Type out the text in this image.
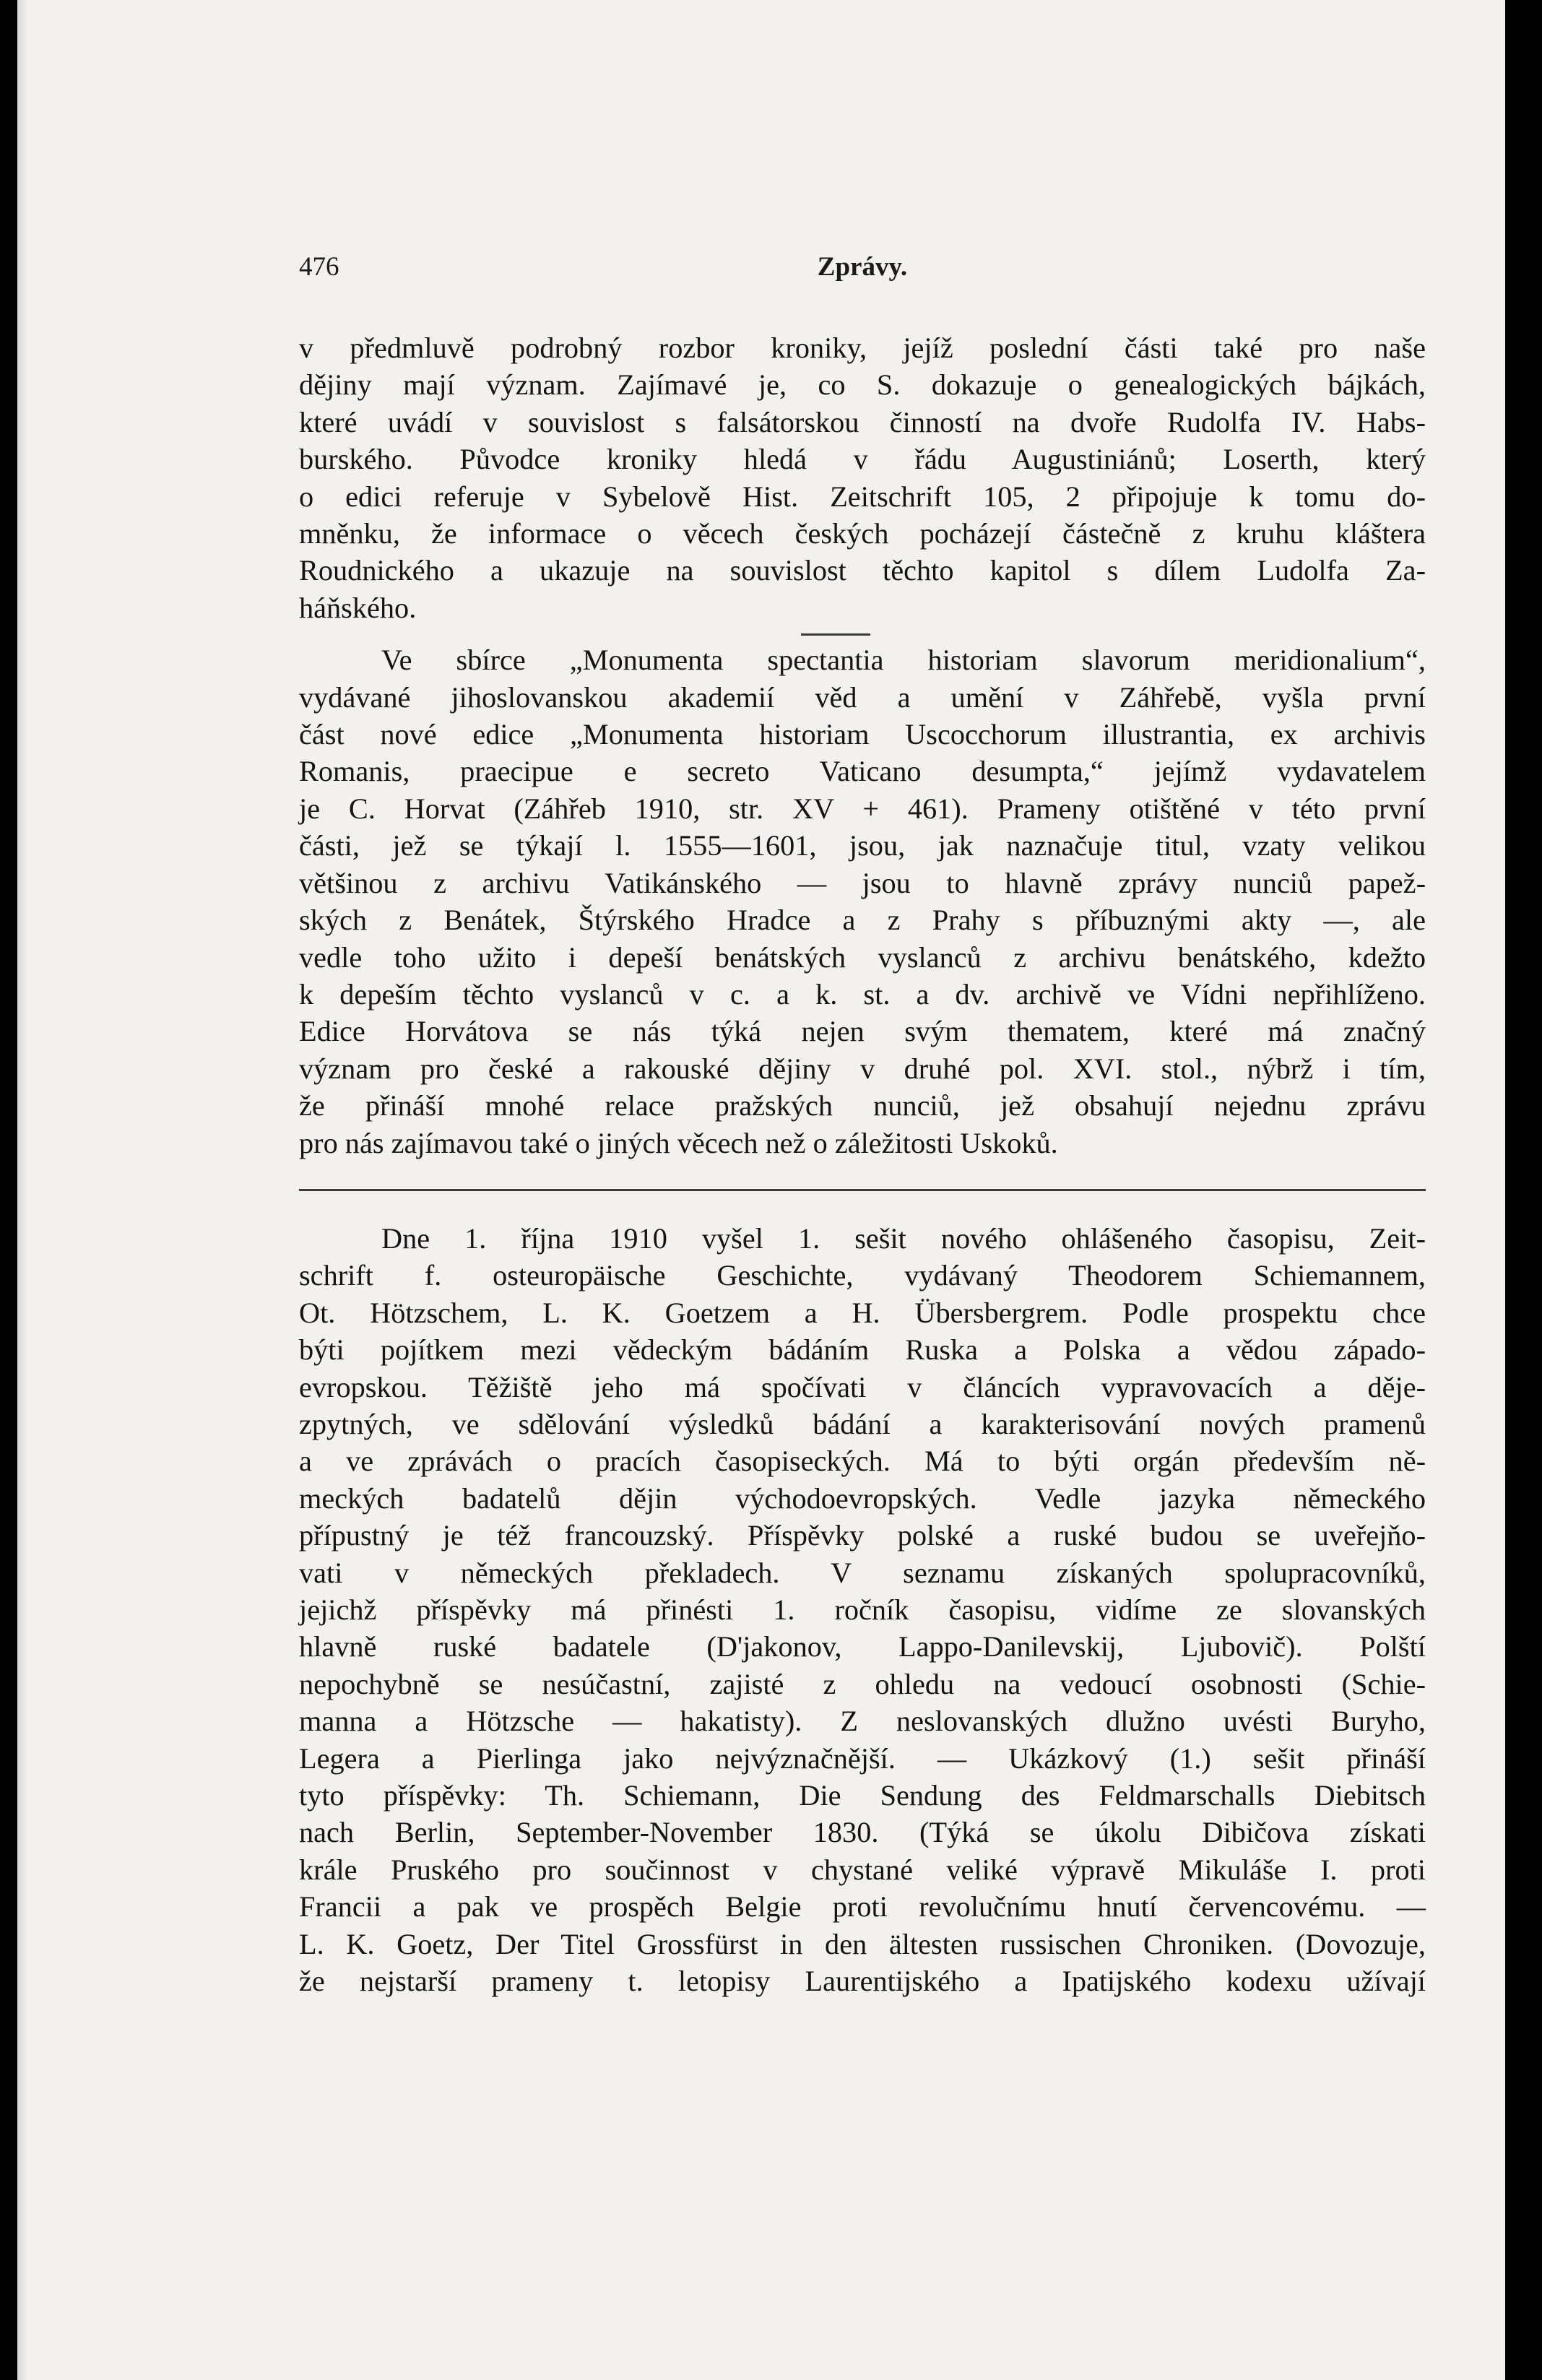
476	Zprávy.

v předmluvě podrobný rozbor kroniky, jejíž poslední části také pro naše
dějiny mají význam. Zajímavé je, co S. dokazuje o genealogických bájkách,
které uvádí v souvislost s falsátorskou činností na dvoře Rudolfa IV. Habs-
burského. Původce kroniky hledá v řádu Augustiniánů; Loserth, který
o edici referuje v Sybelově Hist. Zeitschrift 105, 2 připojuje k tomu do-
mněnku, že informace o věcech českých pocházejí částečně z kruhu kláštera
Roudnického a ukazuje na souvislost těchto kapitol s dílem Ludolfa Za-
háňského.

Ve sbírce „Monumenta spectantia historiam slavorum meridionalium“,
vydávané jihoslovanskou akademií věd a umění v Záhřebě, vyšla první
část nové edice „Monumenta historiam Uscocchorum illustrantia, ex archivis
Romanis, praecipue e secreto Vaticano desumpta,“ jejímž vydavatelem
je C. Horvat (Záhřeb 1910, str. XV + 461). Prameny otištěné v této první
části, jež se týkají l. 1555—1601, jsou, jak naznačuje titul, vzaty velikou
většinou z archivu Vatikánského — jsou to hlavně zprávy nunciů papež-
ských z Benátek, Štýrského Hradce a z Prahy s příbuznými akty —, ale
vedle toho užito i depeší benátských vyslanců z archivu benátského, kdežto
k depeším těchto vyslanců v c. a k. st. a dv. archivě ve Vídni nepřihlíženo.
Edice Horvátova se nás týká nejen svým thematem, které má značný
význam pro české a rakouské dějiny v druhé pol. XVI. stol., nýbrž i tím,
že přináší mnohé relace pražských nunciů, jež obsahují nejednu zprávu
pro nás zajímavou také o jiných věcech než o záležitosti Uskoků.

Dne 1. října 1910 vyšel 1. sešit nového ohlášeného časopisu, Zeit-
schrift f. osteuropäische Geschichte, vydávaný Theodorem Schiemannem,
Ot. Hötzschem, L. K. Goetzem a H. Übersbergrem. Podle prospektu chce
býti pojítkem mezi vědeckým bádáním Ruska a Polska a vědou západo-
evropskou. Těžiště jeho má spočívati v článcích vypravovacích a děje-
zpytných, ve sdělování výsledků bádání a karakterisování nových pramenů
a ve zprávách o pracích časopiseckých. Má to býti orgán především ně-
meckých badatelů dějin východoevropských. Vedle jazyka německého
přípustný je též francouzský. Příspěvky polské a ruské budou se uveřejňo-
vati v německých překladech. V seznamu získaných spolupracovníků,
jejichž příspěvky má přinésti 1. ročník časopisu, vidíme ze slovanských
hlavně ruské badatele (D'jakonov, Lappo-Danilevskij, Ljubovič). Polští
nepochybně se nesúčastní, zajisté z ohledu na vedoucí osobnosti (Schie-
manna a Hötzsche — hakatisty). Z neslovanských dlužno uvésti Buryho,
Legera a Pierlinga jako nejvýznačnější. — Ukázkový (1.) sešit přináší
tyto příspěvky: Th. Schiemann, Die Sendung des Feldmarschalls Diebitsch
nach Berlin, September-November 1830. (Týká se úkolu Dibičova získati
krále Pruského pro součinnost v chystané veliké výpravě Mikuláše I. proti
Francii a pak ve prospěch Belgie proti revolučnímu hnutí červencovému. —
L. K. Goetz, Der Titel Grossfürst in den ältesten russischen Chroniken. (Dovozuje,
že nejstarší prameny t. letopisy Laurentijského a Ipatijského kodexu užívají
